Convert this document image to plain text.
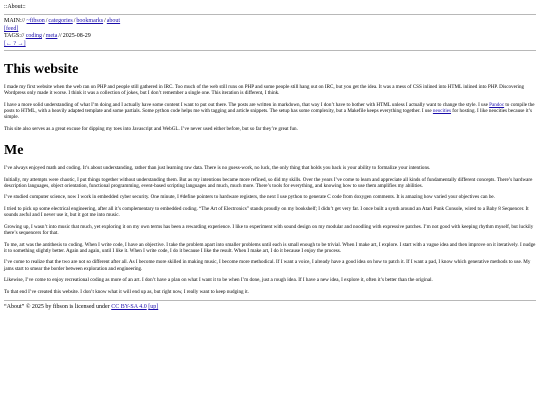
::About::
MAIN:// ~fibson/categories/bookmarks/about
[feed]
TAGS:// coding/meta//2025-08-29
[← ? →]
This website

I made my first website when the web ran on PHP and people still gathered in IRC. Too much of the web still runs on PHP and some people still hang out on IRC, but you get the idea. It was a mess of CSS inlined into HTML inlined into PHP. Discovering Wordpress only made it worse. I think it was a collection of jokes, but I don’t remember a single one. This iteration is different, I think.

I have a more solid understanding of what I’m doing and I actually have some content I want to put out there. The posts are written in markdown, that way I don’t have to bother with HTML unless I actually want to change the style. I use Pandoc to compile the posts to HTML, with a heavily adapted template and some partials. Some python code helps me with tagging and article snippets. The setup has some complexity, but a Makefile keeps everything together. I use neocities for hosting. I like neocities because it’s simple.

This site also serves as a great excuse for dipping my toes into Javascript and WebGL. I’ve never used either before, but so far they’re great fun.

Me

I’ve always enjoyed math and coding. It’s about understanding, rather than just learning raw data. There is no guess-work, no luck, the only thing that holds you back is your ability to formalize your intentions.

Initially, my attempts were chaotic, I put things together without understanding them. But as my intentions became more refined, so did my skills. Over the years I’ve come to learn and appreciate all kinds of fundamentally different concepts. There’s hardware description languages, object orientation, functional programming, event-based scripting languages and much, much more. There’s tools for everything, and knowing how to use them amplifies my abilities.

I’ve studied computer science, now I work in embedded cyber security. One minute, I #define pointers to hardware registers, the next I use python to generate C code from doxygen comments. It is amazing how varied your objectives can be.

I tried to pick up some electrical engineering, after all it’s complementary to embedded coding. “The Art of Electronics” stands proudly on my bookshelf; I didn’t get very far. I once built a synth around an Atari Punk Console, wired to a Baby 8 Sequencer. It sounds awful and I never use it, but it got me into music.

Growing up, I wasn’t into music that much, yet exploring it on my own terms has been a rewarding experience. I like to experiment with sound design on my modular and noodling with expressive patches. I’m not good with keeping rhythm myself, but luckily there’s sequencers for that.

To me, art was the antithesis to coding. When I write code, I have an objective. I take the problem apart into smaller problems until each is small enough to be trivial. When I make art, I explore. I start with a vague idea and then improve on it iteratively. I nudge it to something slightly better. Again and again, until I like it. When I write code, I do it because I like the result. When I make art, I do it because I enjoy the process.

I’ve come to realize that the two are not so different after all. As I become more skilled in making music, I become more methodical. If I want a voice, I already have a good idea on how to patch it. If I want a pad, I know which generative methods to use. My jams start to smear the border between exploration and engineering.

Likewise, I’ve come to enjoy recreational coding as more of an art. I don’t have a plan on what I want it to be when I’m done, just a rough idea. If I have a new idea, I explore it, often it’s better than the original.

To that end I’ve created this website. I don’t know what it will end up as, but right now, I really want to keep nudging it.

“About” © 2025 by fibson is licensed under CC BY-SA 4.0 [up]
